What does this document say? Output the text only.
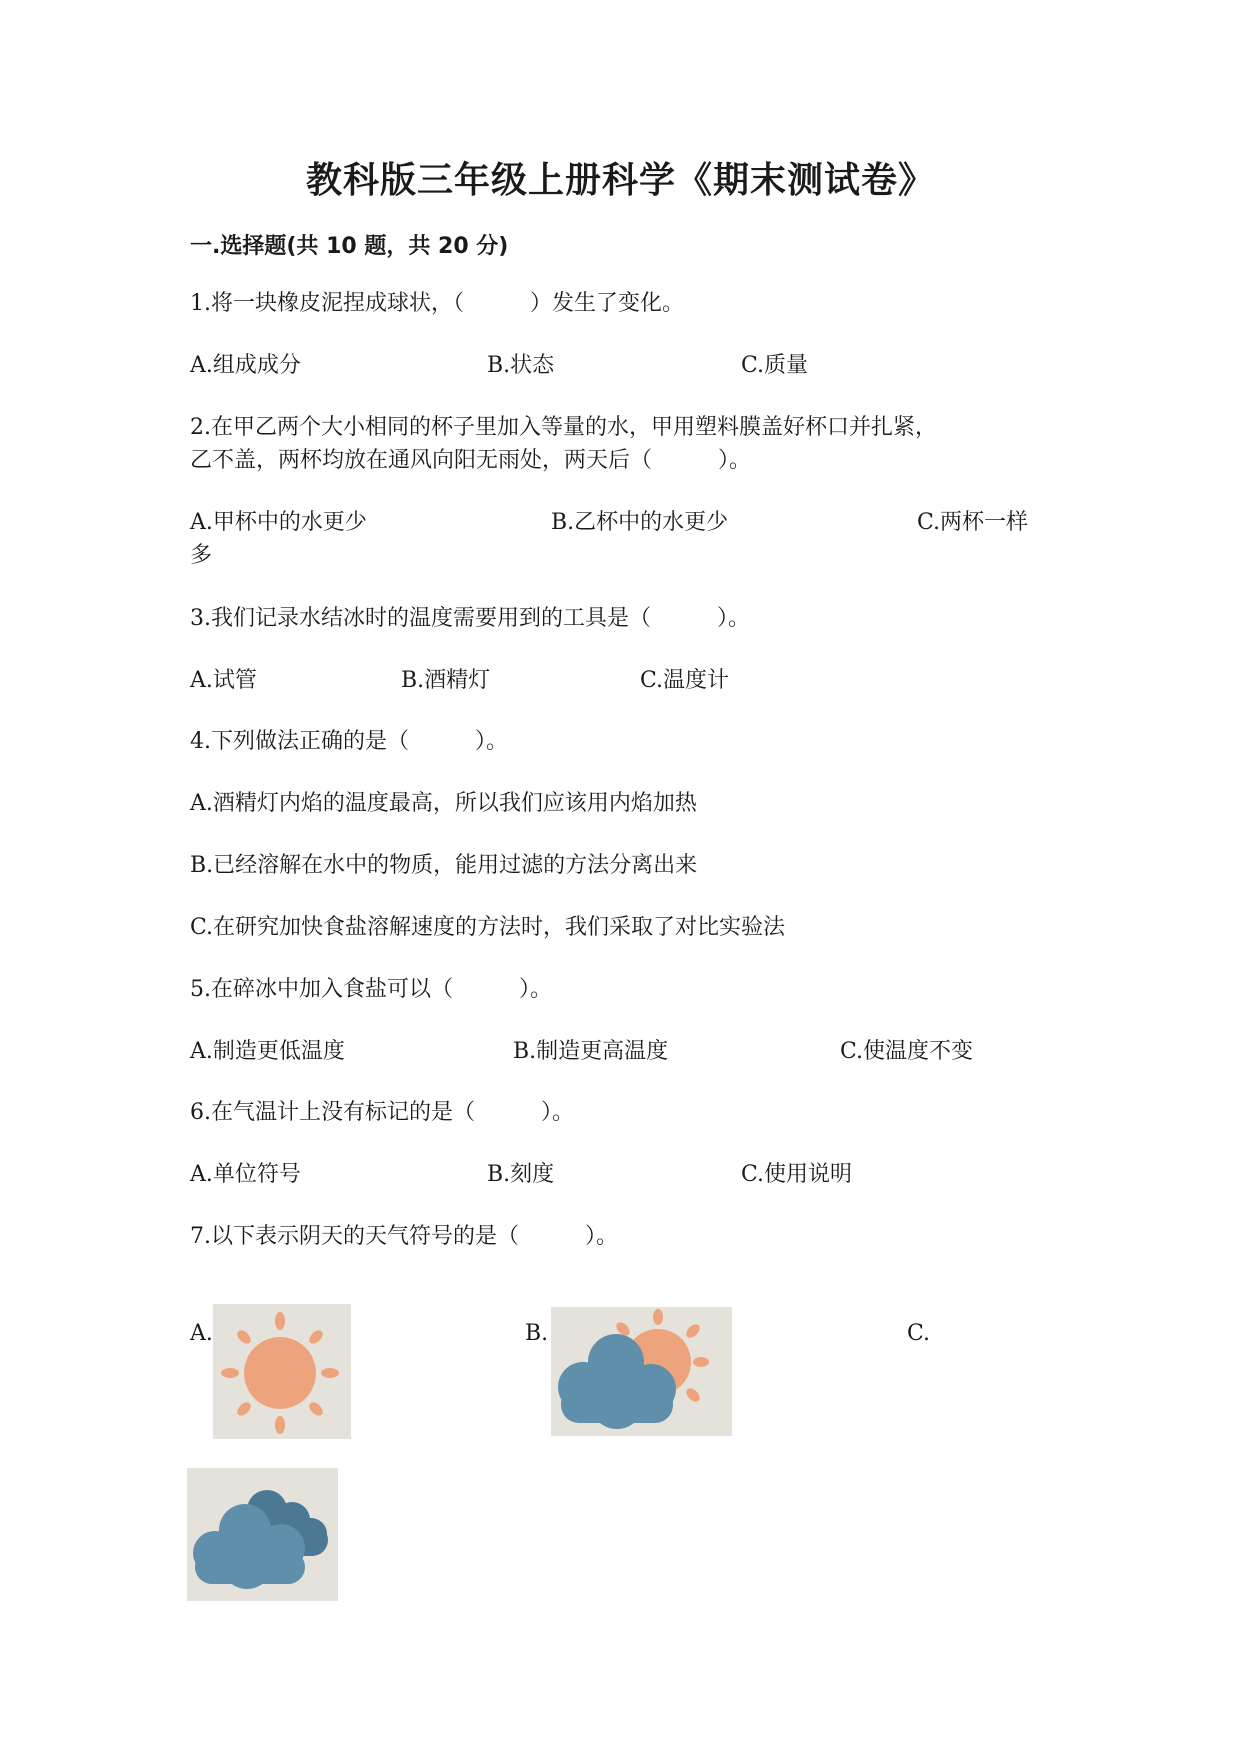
教科版三年级上册科学《期末测试卷》
一.选择题(共 10 题，共 20 分)
1.将一块橡皮泥捏成球状，（　　　）发生了变化。
A.组成成分	B.状态	C.质量
2.在甲乙两个大小相同的杯子里加入等量的水，甲用塑料膜盖好杯口并扎紧，
乙不盖，两杯均放在通风向阳无雨处，两天后（　　　）。
A.甲杯中的水更少	B.乙杯中的水更少	C.两杯一样
多
3.我们记录水结冰时的温度需要用到的工具是（　　　）。
A.试管	B.酒精灯	C.温度计
4.下列做法正确的是（　　　）。
A.酒精灯内焰的温度最高，所以我们应该用内焰加热
B.已经溶解在水中的物质，能用过滤的方法分离出来
C.在研究加快食盐溶解速度的方法时，我们采取了对比实验法
5.在碎冰中加入食盐可以（　　　）。
A.制造更低温度	B.制造更高温度	C.使温度不变
6.在气温计上没有标记的是（　　　）。
A.单位符号	B.刻度	C.使用说明
7.以下表示阴天的天气符号的是（　　　）。
A.	B.	C.
